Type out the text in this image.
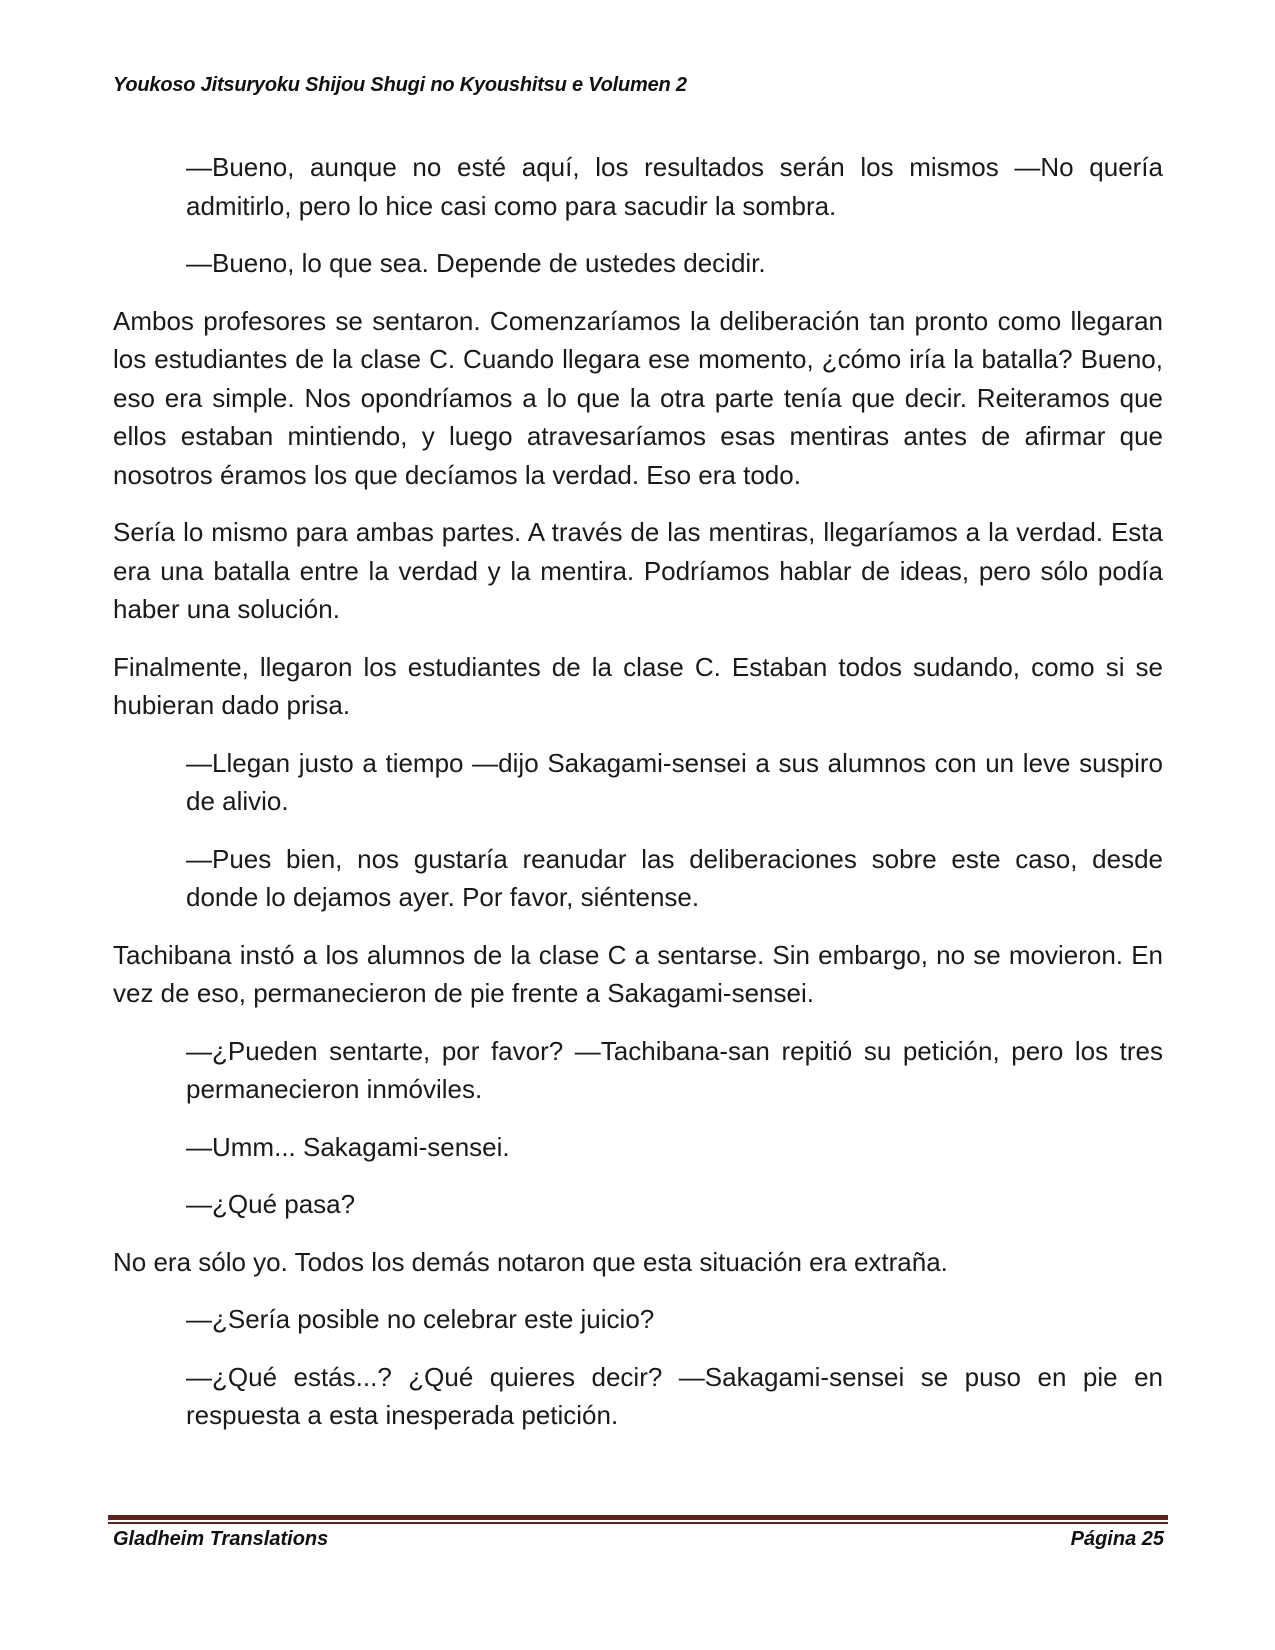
Youkoso Jitsuryoku Shijou Shugi no Kyoushitsu e Volumen 2

—Bueno, aunque no esté aquí, los resultados serán los mismos —No quería admitirlo, pero lo hice casi como para sacudir la sombra.

—Bueno, lo que sea. Depende de ustedes decidir.

Ambos profesores se sentaron. Comenzaríamos la deliberación tan pronto como llegaran los estudiantes de la clase C. Cuando llegara ese momento, ¿cómo iría la batalla? Bueno, eso era simple. Nos opondríamos a lo que la otra parte tenía que decir. Reiteramos que ellos estaban mintiendo, y luego atravesaríamos esas mentiras antes de afirmar que nosotros éramos los que decíamos la verdad. Eso era todo.

Sería lo mismo para ambas partes. A través de las mentiras, llegaríamos a la verdad. Esta era una batalla entre la verdad y la mentira. Podríamos hablar de ideas, pero sólo podía haber una solución.

Finalmente, llegaron los estudiantes de la clase C. Estaban todos sudando, como si se hubieran dado prisa.

—Llegan justo a tiempo —dijo Sakagami-sensei a sus alumnos con un leve suspiro de alivio.

—Pues bien, nos gustaría reanudar las deliberaciones sobre este caso, desde donde lo dejamos ayer. Por favor, siéntense.

Tachibana instó a los alumnos de la clase C a sentarse. Sin embargo, no se movieron. En vez de eso, permanecieron de pie frente a Sakagami-sensei.

—¿Pueden sentarte, por favor? —Tachibana-san repitió su petición, pero los tres permanecieron inmóviles.

—Umm... Sakagami-sensei.

—¿Qué pasa?

No era sólo yo. Todos los demás notaron que esta situación era extraña.

—¿Sería posible no celebrar este juicio?

—¿Qué estás...? ¿Qué quieres decir? —Sakagami-sensei se puso en pie en respuesta a esta inesperada petición.

Gladheim Translations	Página 25
